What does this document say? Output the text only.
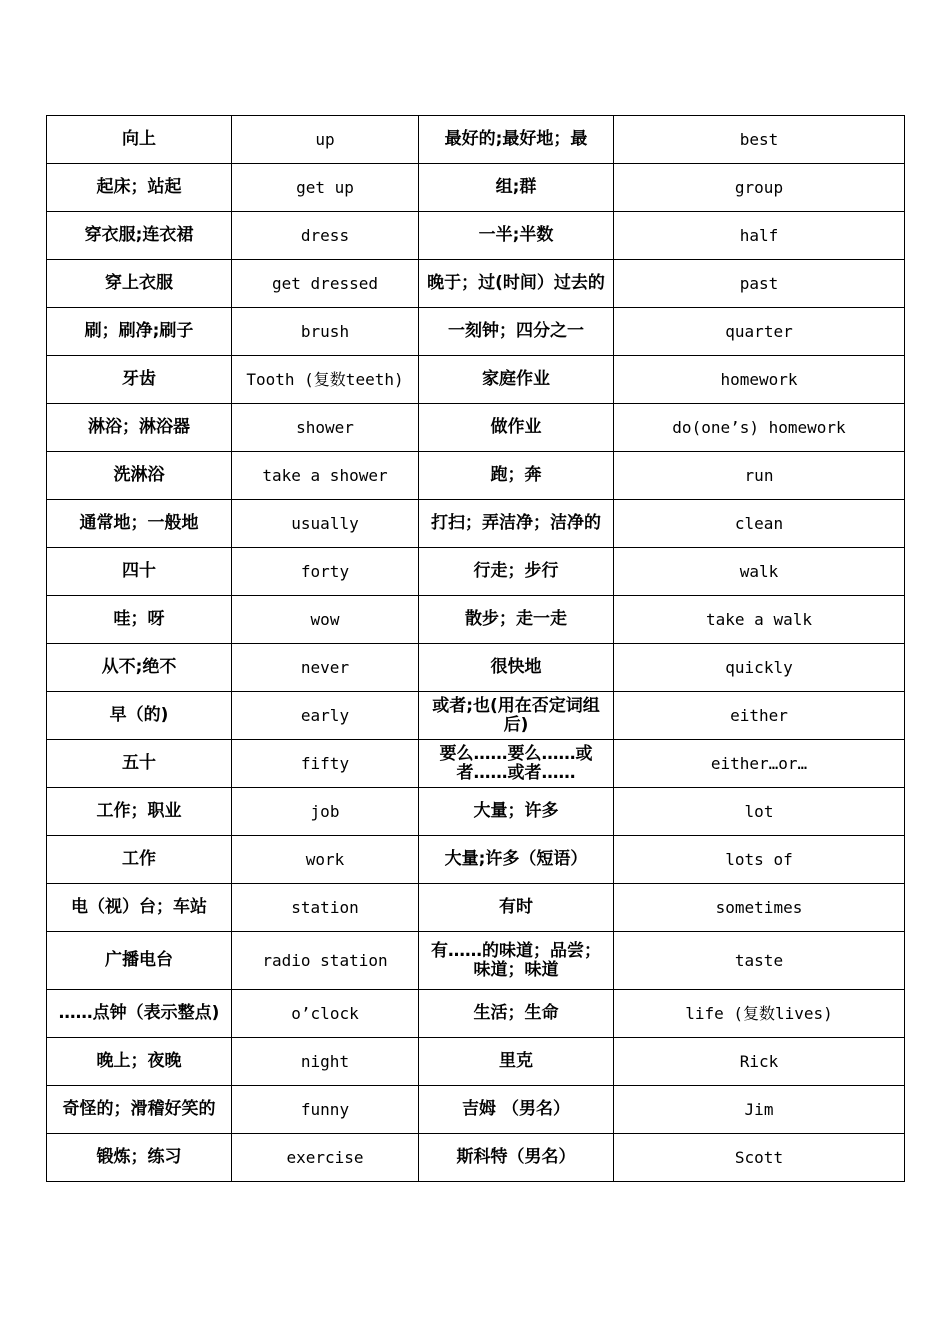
向上	up	最好的;最好地；最	best
起床；站起	get up	组;群	group
穿衣服;连衣裙	dress	一半;半数	half
穿上衣服	get dressed	晚于；过(时间）过去的	past
刷；刷净;刷子	brush	一刻钟；四分之一	quarter
牙齿	Tooth (复数teeth)	家庭作业	homework
淋浴；淋浴器	shower	做作业	do(one’s) homework
洗淋浴	take a shower	跑；奔	run
通常地；一般地	usually	打扫；弄洁净；洁净的	clean
四十	forty	行走；步行	walk
哇；呀	wow	散步；走一走	take a walk
从不;绝不	never	很快地	quickly
早（的)	early	或者;也(用在否定词组后)	either
五十	fifty	要么……要么……或者……或者……	either…or…
工作；职业	job	大量；许多	lot
工作	work	大量;许多（短语）	lots of
电（视）台；车站	station	有时	sometimes
广播电台	radio station	有……的味道；品尝；味道；味道	taste
……点钟（表示整点)	o’clock	生活；生命	life (复数lives)
晚上；夜晚	night	里克	Rick
奇怪的；滑稽好笑的	funny	吉姆 （男名）	Jim
锻炼；练习	exercise	斯科特（男名）	Scott
